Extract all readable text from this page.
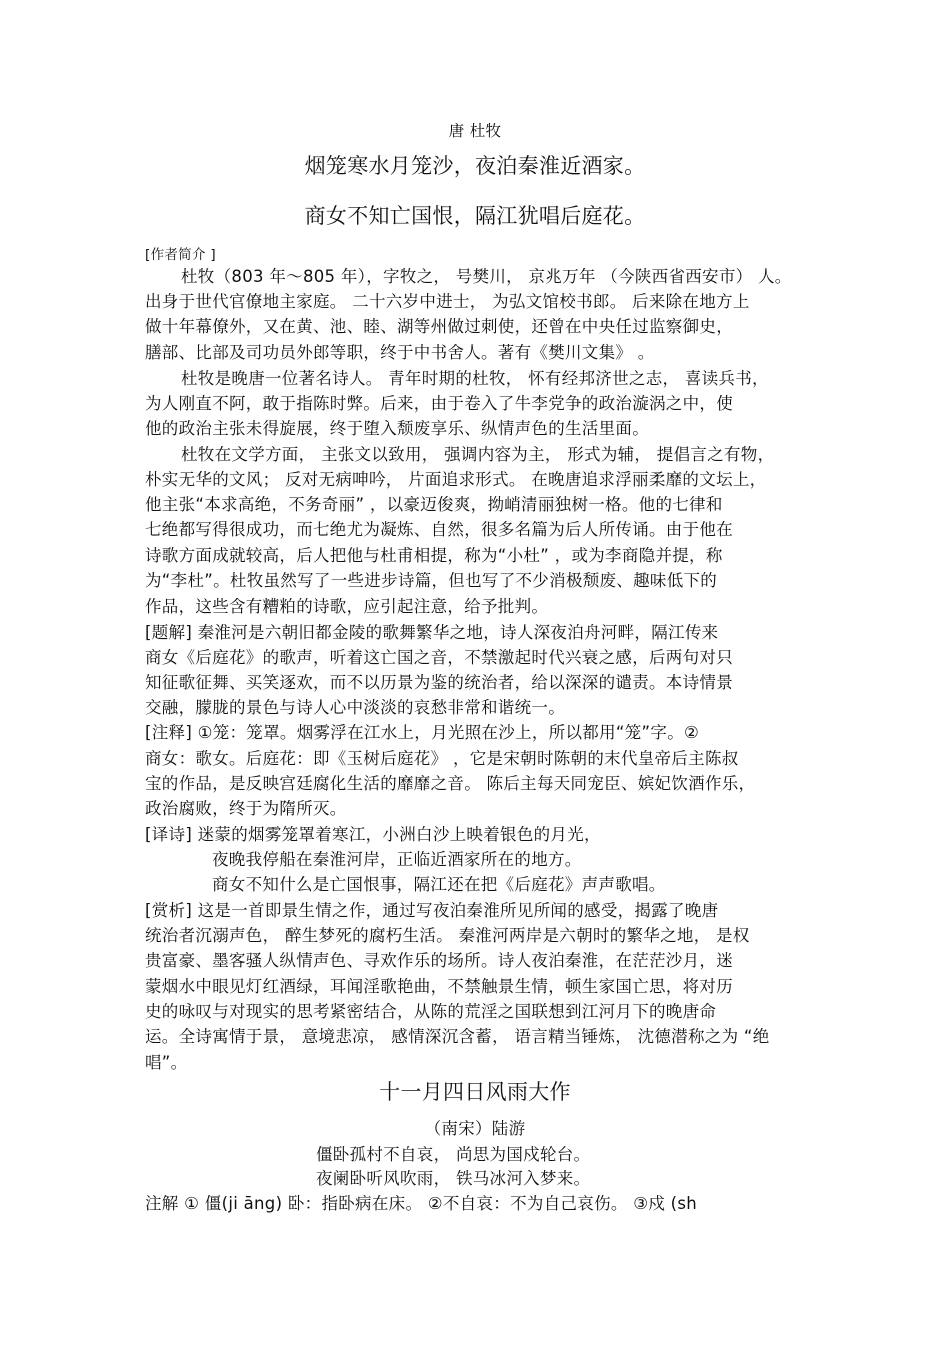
唐 杜牧
烟笼寒水月笼沙，夜泊秦淮近酒家。
商女不知亡国恨，隔江犹唱后庭花。
[作者简介 ]
杜牧（803 年～805 年），字牧之， 号樊川， 京兆万年 （今陕西省西安市） 人。
出身于世代官僚地主家庭。 二十六岁中进士， 为弘文馆校书郎。 后来除在地方上
做十年幕僚外，又在黄、池、睦、湖等州做过刺使，还曾在中央任过监察御史，
膳部、比部及司功员外郎等职，终于中书舍人。著有《樊川文集》 。
杜牧是晚唐一位著名诗人。 青年时期的杜牧， 怀有经邦济世之志， 喜读兵书，
为人刚直不阿，敢于指陈时弊。后来，由于卷入了牛李党争的政治漩涡之中，使
他的政治主张未得旋展，终于堕入颓废享乐、纵情声色的生活里面。
杜牧在文学方面， 主张文以致用， 强调内容为主， 形式为辅， 提倡言之有物，
朴实无华的文风； 反对无病呻吟， 片面追求形式。 在晚唐追求浮丽柔靡的文坛上，
他主张“本求高绝，不务奇丽” ，以豪迈俊爽，拗峭清丽独树一格。他的七律和
七绝都写得很成功，而七绝尤为凝炼、自然，很多名篇为后人所传诵。由于他在
诗歌方面成就较高，后人把他与杜甫相提，称为“小杜” ，或为李商隐并提，称
为“李杜”。杜牧虽然写了一些进步诗篇，但也写了不少消极颓废、趣味低下的
作品，这些含有糟粕的诗歌，应引起注意，给予批判。
[题解] 秦淮河是六朝旧都金陵的歌舞繁华之地，诗人深夜泊舟河畔，隔江传来
商女《后庭花》的歌声，听着这亡国之音，不禁激起时代兴衰之感，后两句对只
知征歌征舞、买笑逐欢，而不以历景为鉴的统治者，给以深深的谴责。本诗情景
交融，朦胧的景色与诗人心中淡淡的哀愁非常和谐统一。
[注释] ①笼：笼罩。烟雾浮在江水上，月光照在沙上，所以都用“笼”字。②
商女：歌女。后庭花：即《玉树后庭花》 ，它是宋朝时陈朝的末代皇帝后主陈叔
宝的作品，是反映宫廷腐化生活的靡靡之音。 陈后主每天同宠臣、嫔妃饮酒作乐，
政治腐败，终于为隋所灭。
[译诗] 迷蒙的烟雾笼罩着寒江，小洲白沙上映着银色的月光，
夜晚我停船在秦淮河岸，正临近酒家所在的地方。
商女不知什么是亡国恨事，隔江还在把《后庭花》声声歌唱。
[赏析] 这是一首即景生情之作，通过写夜泊秦淮所见所闻的感受，揭露了晚唐
统治者沉溺声色， 醉生梦死的腐朽生活。 秦淮河两岸是六朝时的繁华之地， 是权
贵富豪、墨客骚人纵情声色、寻欢作乐的场所。诗人夜泊秦淮，在茫茫沙月，迷
蒙烟水中眼见灯红酒绿，耳闻淫歌艳曲，不禁触景生情，顿生家国亡思，将对历
史的咏叹与对现实的思考紧密结合，从陈的荒淫之国联想到江河月下的晚唐命
运。全诗寓情于景， 意境悲凉， 感情深沉含蓄， 语言精当锤炼， 沈德潜称之为 “绝
唱”。
十一月四日风雨大作
（南宋）陆游
僵卧孤村不自哀， 尚思为国戍轮台。
夜阑卧听风吹雨， 铁马冰河入梦来。
注解 ① 僵(ji āng) 卧：指卧病在床。 ②不自哀：不为自己哀伤。 ③戍 (sh
